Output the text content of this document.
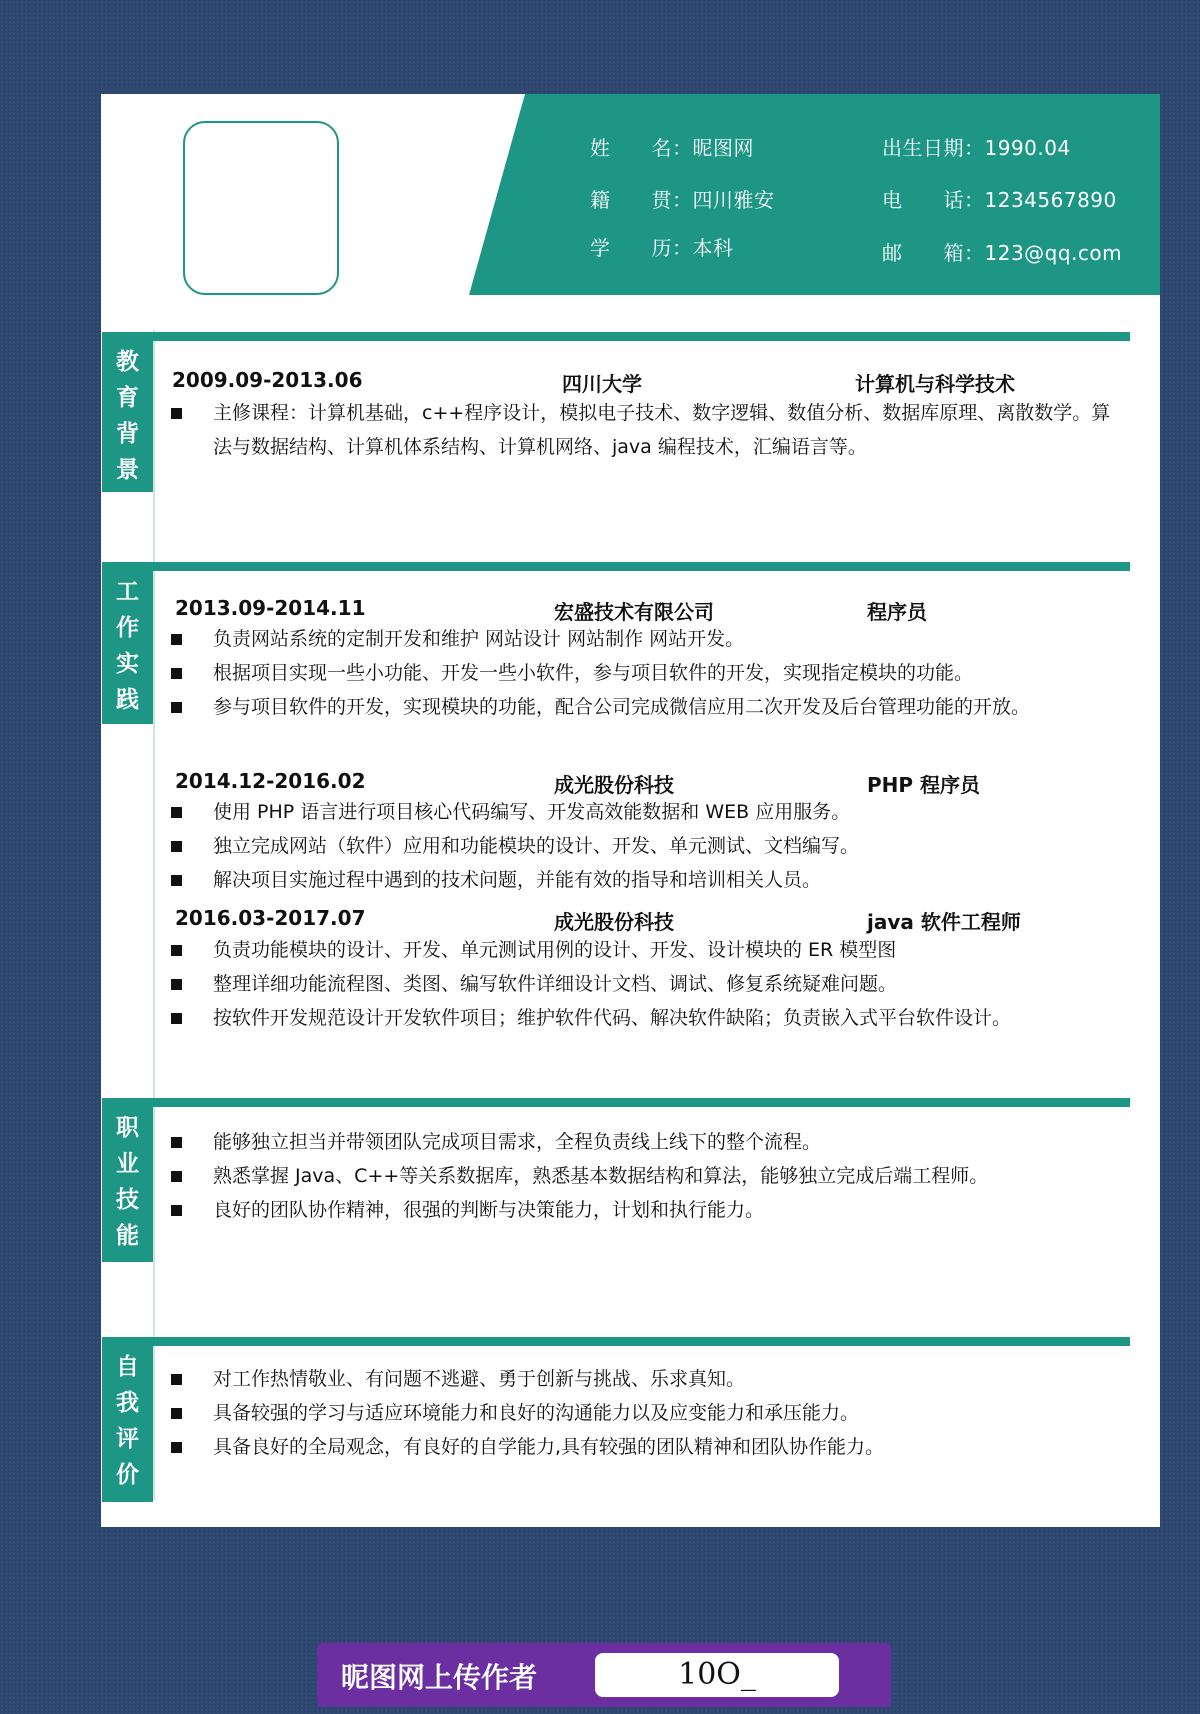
姓　　名：昵图网	出生日期：1990.04
籍　　贯：四川雅安	电　　话：1234567890
学　　历：本科	邮　　箱：123@qq.com
教
育
背
景
2009.09-2013.06	四川大学	计算机与科学技术
主修课程：计算机基础，c++程序设计，模拟电子技术、数字逻辑、数值分析、数据库原理、离散数学。算法与数据结构、计算机体系结构、计算机网络、java 编程技术，汇编语言等。
工
作
实
践
2013.09-2014.11	宏盛技术有限公司	程序员
负责网站系统的定制开发和维护 网站设计 网站制作 网站开发。
根据项目实现一些小功能、开发一些小软件，参与项目软件的开发，实现指定模块的功能。
参与项目软件的开发，实现模块的功能，配合公司完成微信应用二次开发及后台管理功能的开放。
2014.12-2016.02	成光股份科技	PHP 程序员
使用 PHP 语言进行项目核心代码编写、开发高效能数据和 WEB 应用服务。
独立完成网站（软件）应用和功能模块的设计、开发、单元测试、文档编写。
解决项目实施过程中遇到的技术问题，并能有效的指导和培训相关人员。
2016.03-2017.07	成光股份科技	java 软件工程师
负责功能模块的设计、开发、单元测试用例的设计、开发、设计模块的 ER 模型图
整理详细功能流程图、类图、编写软件详细设计文档、调试、修复系统疑难问题。
按软件开发规范设计开发软件项目；维护软件代码、解决软件缺陷；负责嵌入式平台软件设计。
职
业
技
能
能够独立担当并带领团队完成项目需求，全程负责线上线下的整个流程。
熟悉掌握 Java、C++等关系数据库，熟悉基本数据结构和算法，能够独立完成后端工程师。
良好的团队协作精神，很强的判断与决策能力，计划和执行能力。
自
我
评
价
对工作热情敬业、有问题不逃避、勇于创新与挑战、乐求真知。
具备较强的学习与适应环境能力和良好的沟通能力以及应变能力和承压能力。
具备良好的全局观念，有良好的自学能力,具有较强的团队精神和团队协作能力。
昵图网上传作者	10O_
